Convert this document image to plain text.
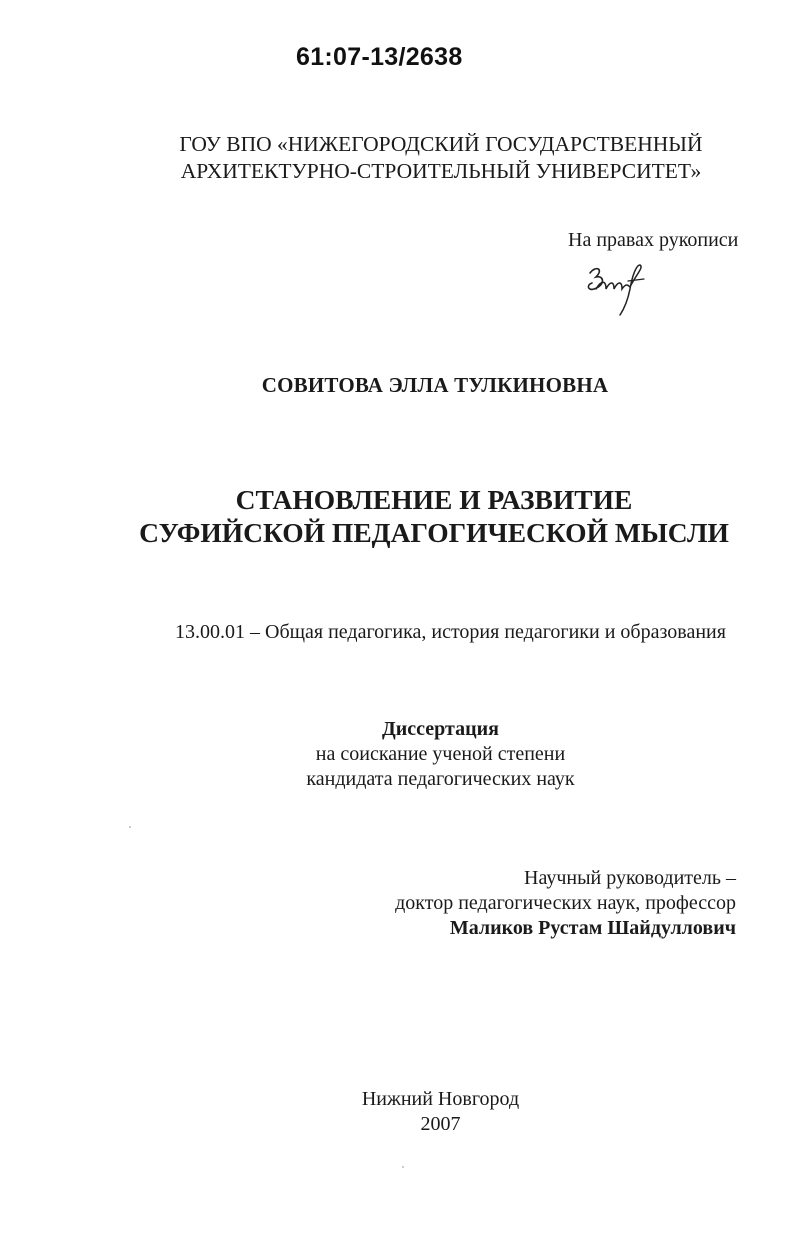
61:07-13/2638
ГОУ ВПО «НИЖЕГОРОДСКИЙ ГОСУДАРСТВЕННЫЙ
АРХИТЕКТУРНО-СТРОИТЕЛЬНЫЙ УНИВЕРСИТЕТ»
На правах рукописи
СОВИТОВА ЭЛЛА ТУЛКИНОВНА
СТАНОВЛЕНИЕ И РАЗВИТИЕ
СУФИЙСКОЙ ПЕДАГОГИЧЕСКОЙ МЫСЛИ
13.00.01 – Общая педагогика, история педагогики и образования
Диссертация
на соискание ученой степени
кандидата педагогических наук
Научный руководитель –
доктор педагогических наук, профессор
Маликов Рустам Шайдуллович
Нижний Новгород
2007
